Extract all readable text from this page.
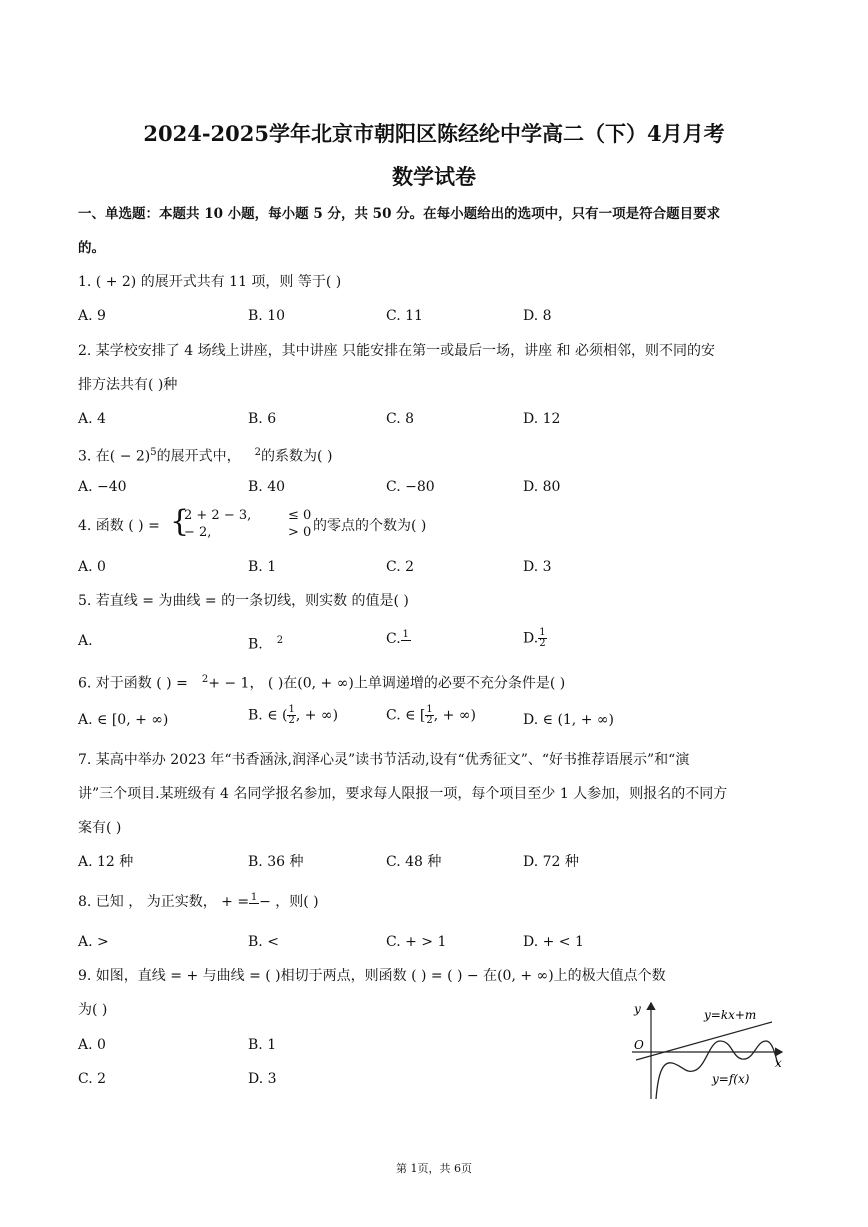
2024-2025学年北京市朝阳区陈经纶中学高二（下）4月月考
数学试卷
一、单选题：本题共 10 小题，每小题 5 分，共 50 分。在每小题给出的选项中，只有一项是符合题目要求
的。
1. ( + 2) 的展开式共有 11 项，则 等于( )
A. 9	B. 10	C. 11	D. 8
2. 某学校安排了 4 场线上讲座，其中讲座 只能安排在第一或最后一场，讲座 和 必须相邻，则不同的安
排方法共有( )种
A. 4	B. 6	C. 8	D. 12
3. 在( − 2)$^5$的展开式中，   $^2$的系数为( )
A. −40	B. 40	C. −80	D. 80
4. 函数 ( ) = {
2 + 2 − 3,
− 2,
≤ 0
> 0 的零点的个数为( )
A. 0	B. 1	C. 2	D. 3
5. 若直线 = 为曲线 = 的一条切线，则实数 的值是( )
A.	B.   $^2$	C. 1
 	D. $\frac{1}{2}$
6. 对于函数 ( ) =   $^2$+ − 1， ( )在(0, + ∞)上单调递增的必要不充分条件是( )
A. ∈ [0, + ∞)	B. ∈ ( $\frac{1}{2}$ , + ∞)	C. ∈ [ $\frac{1}{2}$ , + ∞)	D. ∈ (1, + ∞)
7. 某高中举办 2023 年“书香涵泳,润泽心灵”读书节活动,设有“优秀征文”、“好书推荐语展示”和“演
讲”三个项目.某班级有 4 名同学报名参加，要求每人限报一项，每个项目至少 1 人参加，则报名的不同方
案有( )
A. 12 种	B. 36 种	C. 48 种	D. 72 种
8. 已知 ， 为正实数， + = 1
  − ，则( )
A. >	B. <	C. + > 1	D. + < 1
9. 如图，直线 = + 与曲线 = ( )相切于两点，则函数 ( ) = ( ) − 在(0, + ∞)上的极大值点个数
为( )
A. 0	B. 1
C. 2	D. 3
y
x
O
y=kx+m
y=f(x)
第 1页，共 6页
